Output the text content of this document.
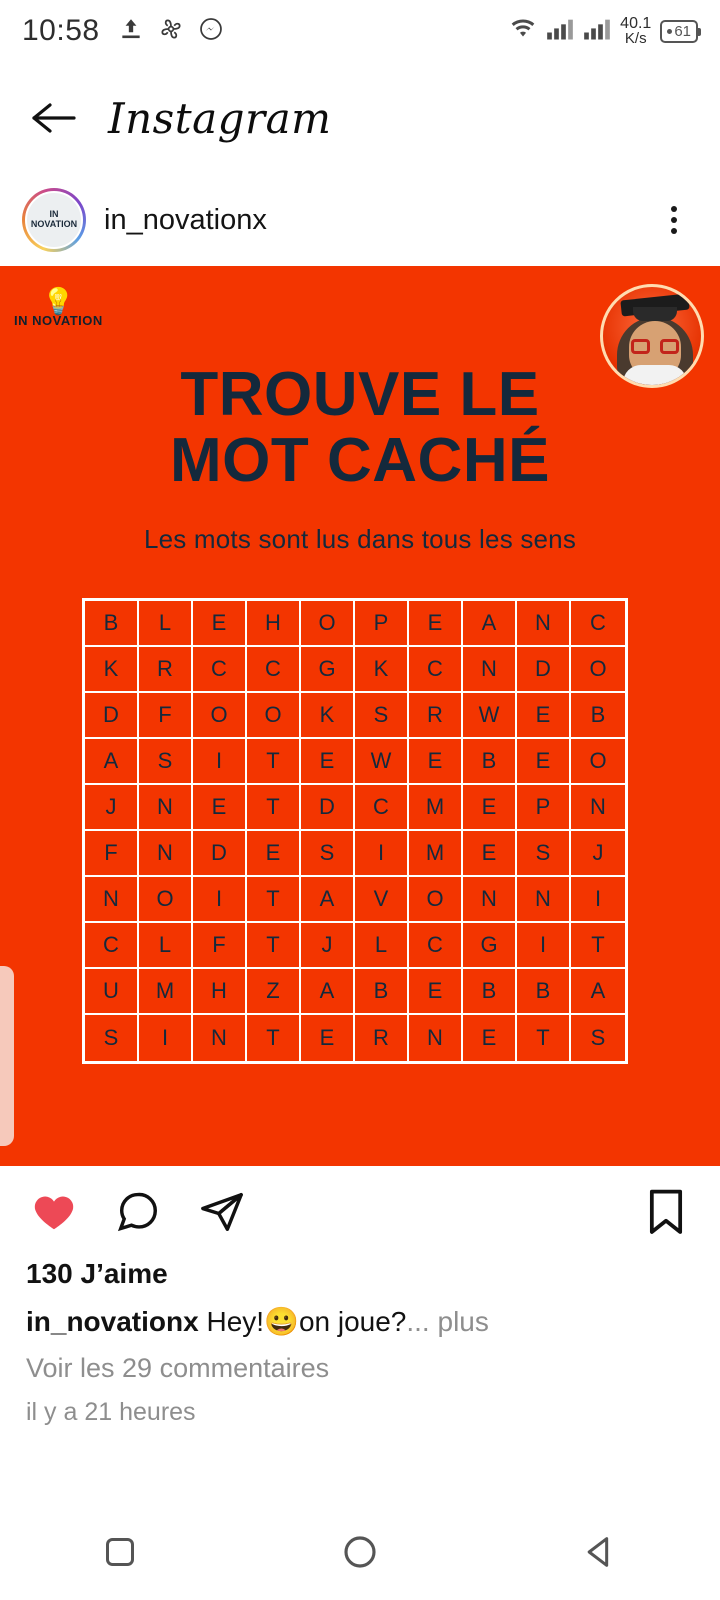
10:58	40.1
K/s	61
Instagram
IN NOVATION in_novationx
💡
IN NOVATION
TROUVE LE
MOT CACHÉ
Les mots sont lus dans tous les sens
B	L	E	H	O	P	E	A	N	C
K	R	C	C	G	K	C	N	D	O
D	F	O	O	K	S	R	W	E	B
A	S	I	T	E	W	E	B	E	O
J	N	E	T	D	C	M	E	P	N
F	N	D	E	S	I	M	E	S	J
N	O	I	T	A	V	O	N	N	I
C	L	F	T	J	L	C	G	I	T
U	M	H	Z	A	B	E	B	B	A
S	I	N	T	E	R	N	E	T	S
130 J’aime
in_novationx Hey!😀on joue?... plus
Voir les 29 commentaires
il y a 21 heures
